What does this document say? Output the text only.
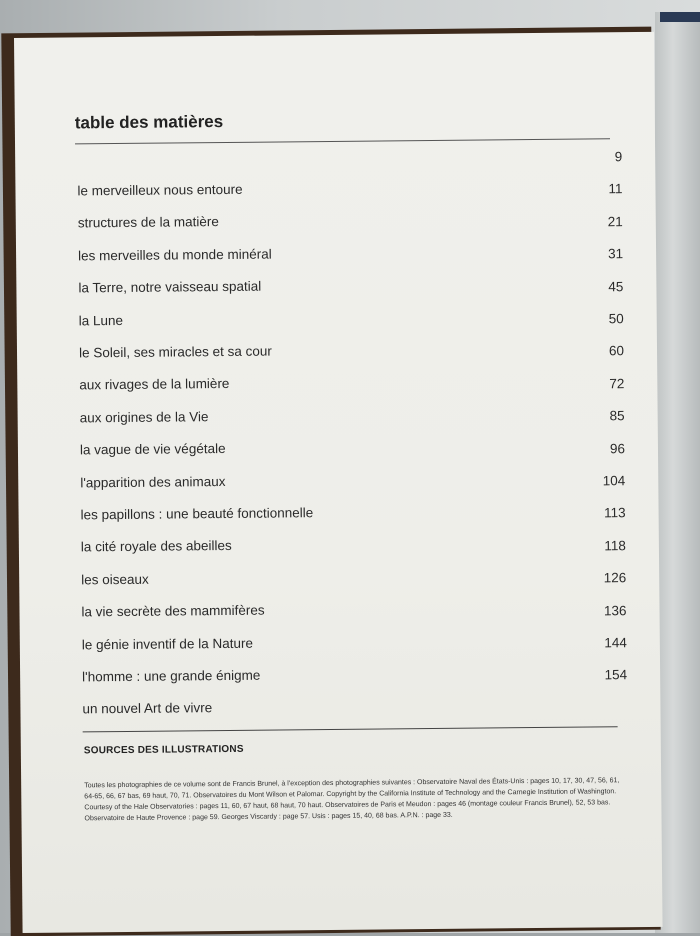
table des matières
le merveilleux nous entoure
9
structures de la matière
11
les merveilles du monde minéral
21
la Terre, notre vaisseau spatial
31
la Lune
45
le Soleil, ses miracles et sa cour
50
aux rivages de la lumière
60
aux origines de la Vie
72
la vague de vie végétale
85
l'apparition des animaux
96
les papillons : une beauté fonctionnelle
104
la cité royale des abeilles
113
les oiseaux
118
la vie secrète des mammifères
126
le génie inventif de la Nature
136
l'homme : une grande énigme
144
un nouvel Art de vivre
154
SOURCES DES ILLUSTRATIONS
Toutes les photographies de ce volume sont de Francis Brunel, à l'exception des photographies suivantes : Observatoire Naval des États-Unis : pages 10, 17, 30, 47, 56, 61, 64-65, 66, 67 bas, 69 haut, 70, 71. Observatoires du Mont Wilson et Palomar. Copyright by the California Institute of Technology and the Carnegie Institution of Washington. Courtesy of the Hale Observatories : pages 11, 60, 67 haut, 68 haut, 70 haut. Observatoires de Paris et Meudon : pages 46 (montage couleur Francis Brunel), 52, 53 bas. Observatoire de Haute Provence : page 59. Georges Viscardy : page 57. Usis : pages 15, 40, 68 bas. A.P.N. : page 33.
